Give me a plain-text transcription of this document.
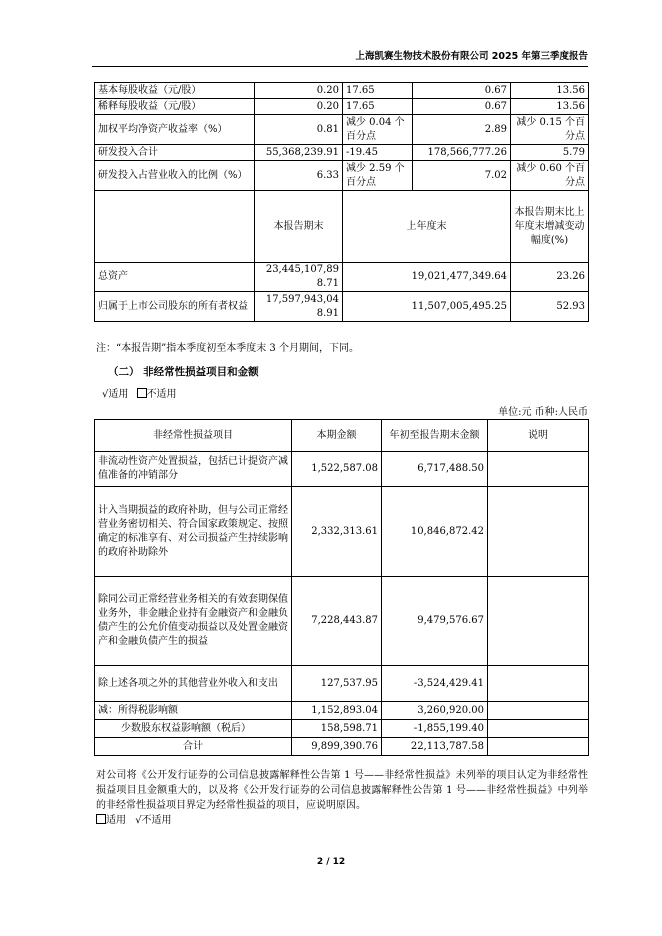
上海凯赛生物技术股份有限公司 2025 年第三季度报告
基本每股收益（元/股）	0.20	17.65	0.67	13.56
稀释每股收益（元/股）	0.20	17.65	0.67	13.56
加权平均净资产收益率（%）	0.81	减少 0.04 个百分点	2.89	减少 0.15 个百分点
研发投入合计	55,368,239.91	-19.45	178,566,777.26	5.79
研发投入占营业收入的比例（%）	6.33	减少 2.59 个百分点	7.02	减少 0.60 个百分点
	本报告期末	上年度末		本报告期末比上年度末增减变动幅度(%)
总资产	23,445,107,898.71	19,021,477,349.64		23.26
归属于上市公司股东的所有者权益	17,597,943,048.91	11,507,005,495.25		52.93
注：“本报告期”指本季度初至本季度末 3 个月期间，下同。
（二） 非经常性损益项目和金额
√适用 不适用
单位:元 币种:人民币
非经常性损益项目	本期金额	年初至报告期末金额	说明
非流动性资产处置损益，包括已计提资产减值准备的冲销部分	1,522,587.08	6,717,488.50	
计入当期损益的政府补助，但与公司正常经营业务密切相关、符合国家政策规定、按照确定的标准享有、对公司损益产生持续影响的政府补助除外	2,332,313.61	10,846,872.42	
除同公司正常经营业务相关的有效套期保值业务外，非金融企业持有金融资产和金融负债产生的公允价值变动损益以及处置金融资产和金融负债产生的损益	7,228,443.87	9,479,576.67	
除上述各项之外的其他营业外收入和支出	127,537.95	-3,524,429.41	
减：所得税影响额	1,152,893.04	3,260,920.00	
少数股东权益影响额（税后）	158,598.71	-1,855,199.40	
合计	9,899,390.76	22,113,787.58	
对公司将《公开发行证券的公司信息披露解释性公告第 1 号——非经常性损益》未列举的项目认定为非经常性损益项目且金额重大的，以及将《公开发行证券的公司信息披露解释性公告第 1 号——非经常性损益》中列举的非经常性损益项目界定为经常性损益的项目，应说明原因。
适用 √不适用
2 / 12
